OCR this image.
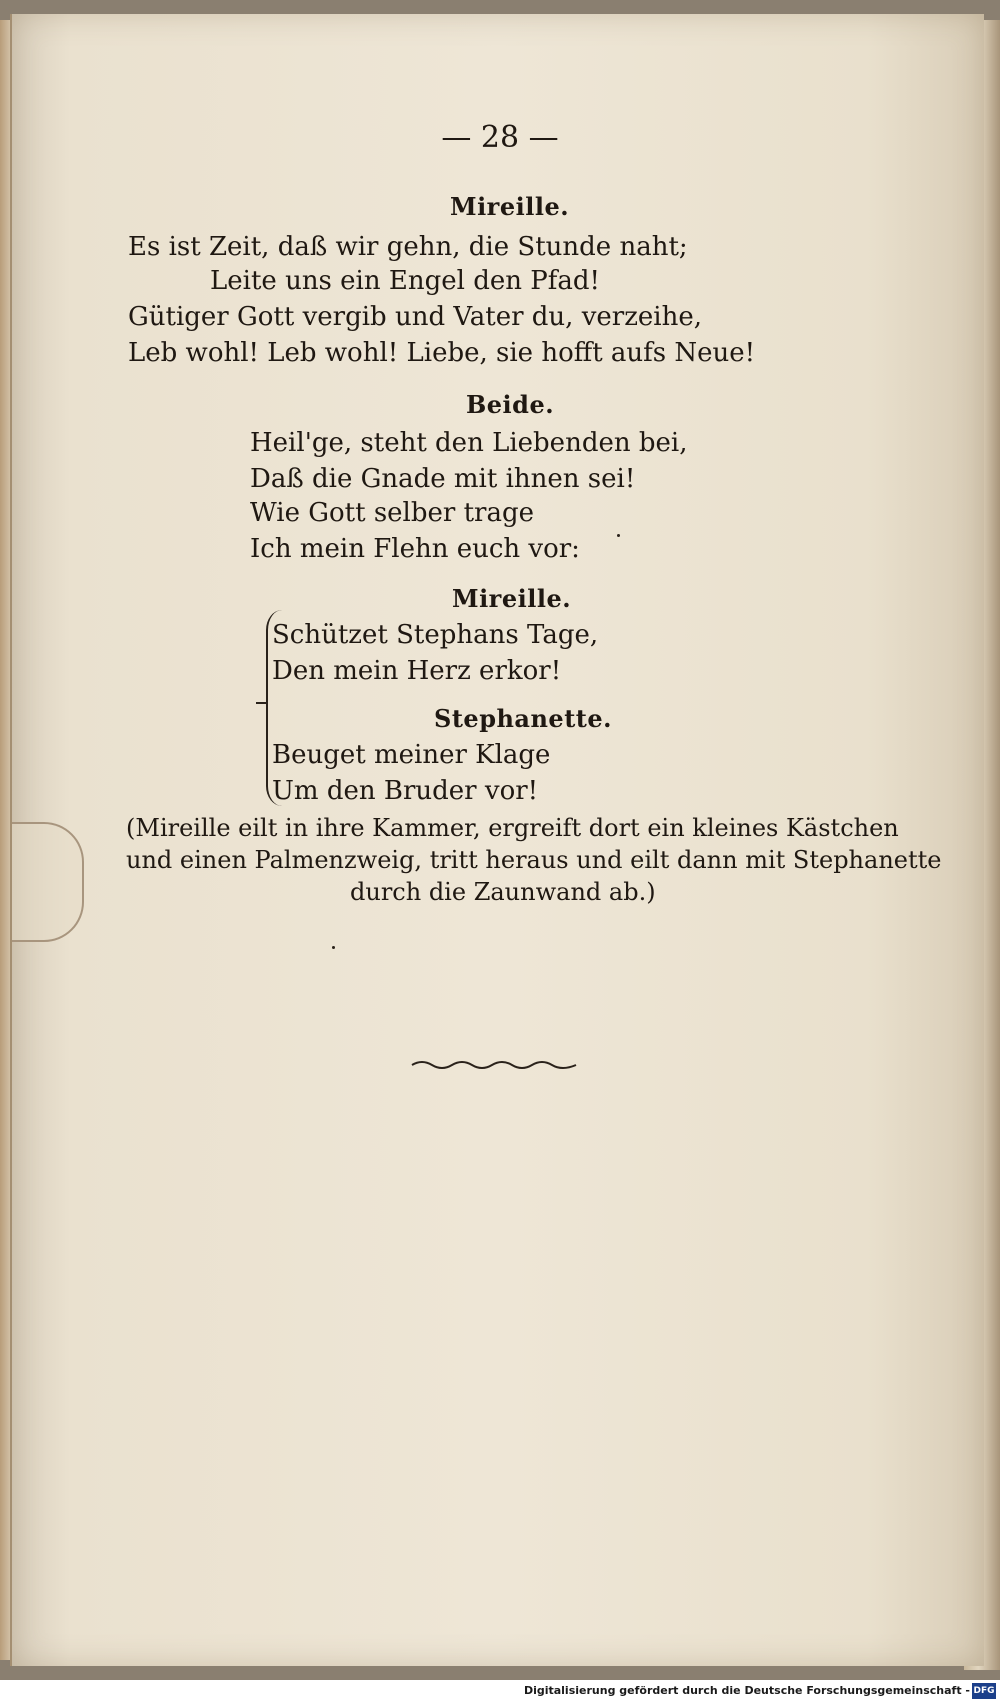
— 28 —
Mireille.
Es ist Zeit, daß wir gehn, die Stunde naht;
Leite uns ein Engel den Pfad!
Gütiger Gott vergib und Vater du, verzeihe,
Leb wohl! Leb wohl! Liebe, sie hofft aufs Neue!
Beide.
Heil'ge, steht den Liebenden bei,
Daß die Gnade mit ihnen sei!
Wie Gott selber trage
Ich mein Flehn euch vor:
Mireille.
Schützet Stephans Tage,
Den mein Herz erkor!
Stephanette.
Beuget meiner Klage
Um den Bruder vor!
(Mireille eilt in ihre Kammer, ergreift dort ein kleines Kästchen
und einen Palmenzweig, tritt heraus und eilt dann mit Stephanette
durch die Zaunwand ab.)
Digitalisierung gefördert durch die Deutsche Forschungsgemeinschaft - DFG
